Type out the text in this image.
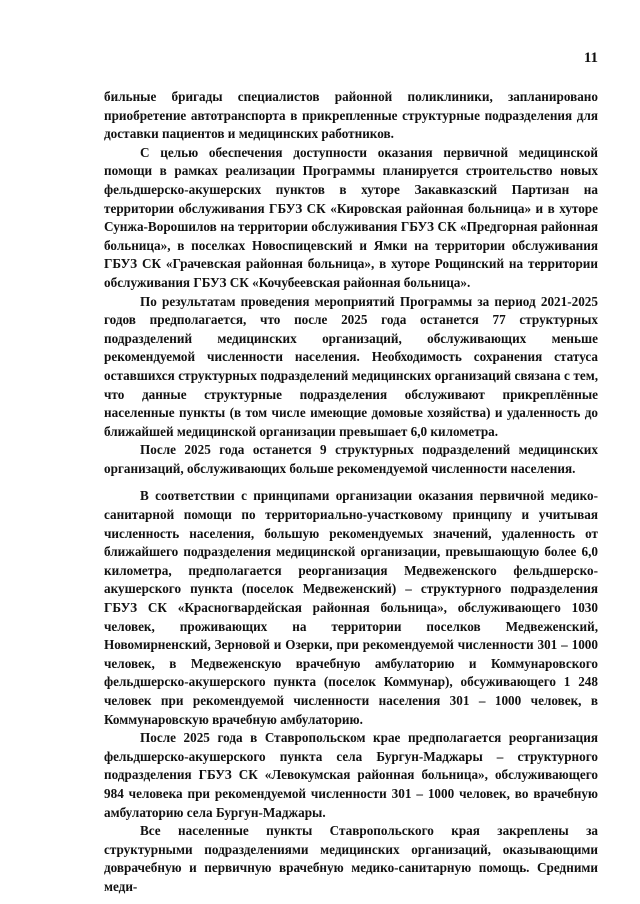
11

бильные бригады специалистов районной поликлиники, запланировано приобретение автотранспорта в прикрепленные структурные подразделения для доставки пациентов и медицинских работников.

С целью обеспечения доступности оказания первичной медицинской помощи в рамках реализации Программы планируется строительство новых фельдшерско-акушерских пунктов в хуторе Закавказский Партизан на территории обслуживания ГБУЗ СК «Кировская районная больница» и в хуторе Сунжа-Ворошилов на территории обслуживания ГБУЗ СК «Предгорная районная больница», в поселках Новоспицевский и Ямки на территории обслуживания ГБУЗ СК «Грачевская районная больница», в хуторе Рощинский на территории обслуживания ГБУЗ СК «Кочубеевская районная больница».

По результатам проведения мероприятий Программы за период 2021-2025 годов предполагается, что после 2025 года останется 77 структурных подразделений медицинских организаций, обслуживающих меньше рекомендуемой численности населения. Необходимость сохранения статуса оставшихся структурных подразделений медицинских организаций связана с тем, что данные структурные подразделения обслуживают прикреплённые населенные пункты (в том числе имеющие домовые хозяйства) и удаленность до ближайшей медицинской организации превышает 6,0 километра.

После 2025 года останется 9 структурных подразделений медицинских организаций, обслуживающих больше рекомендуемой численности населения.

В соответствии с принципами организации оказания первичной медико-санитарной помощи по территориально-участковому принципу и учитывая численность населения, большую рекомендуемых значений, удаленность от ближайшего подразделения медицинской организации, превышающую более 6,0 километра, предполагается реорганизация Медвеженского фельдшерско-акушерского пункта (поселок Медвеженский) – структурного подразделения ГБУЗ СК «Красногвардейская районная больница», обслуживающего 1030 человек, проживающих на территории поселков Медвеженский, Новомирненский, Зерновой и Озерки, при рекомендуемой численности 301 – 1000 человек, в Медвеженскую врачебную амбулаторию и Коммунаровского фельдшерско-акушерского пункта (поселок Коммунар), обсуживающего 1 248 человек при рекомендуемой численности населения 301 – 1000 человек, в Коммунаровскую врачебную амбулаторию.

После 2025 года в Ставропольском крае предполагается реорганизация фельдшерско-акушерского пункта села Бургун-Маджары – структурного подразделения ГБУЗ СК «Левокумская районная больница», обслуживающего 984 человека при рекомендуемой численности 301 – 1000 человек, во врачебную амбулаторию села Бургун-Маджары.

Все населенные пункты Ставропольского края закреплены за структурными подразделениями медицинских организаций, оказывающими доврачебную и первичную врачебную медико-санитарную помощь. Средними меди-
